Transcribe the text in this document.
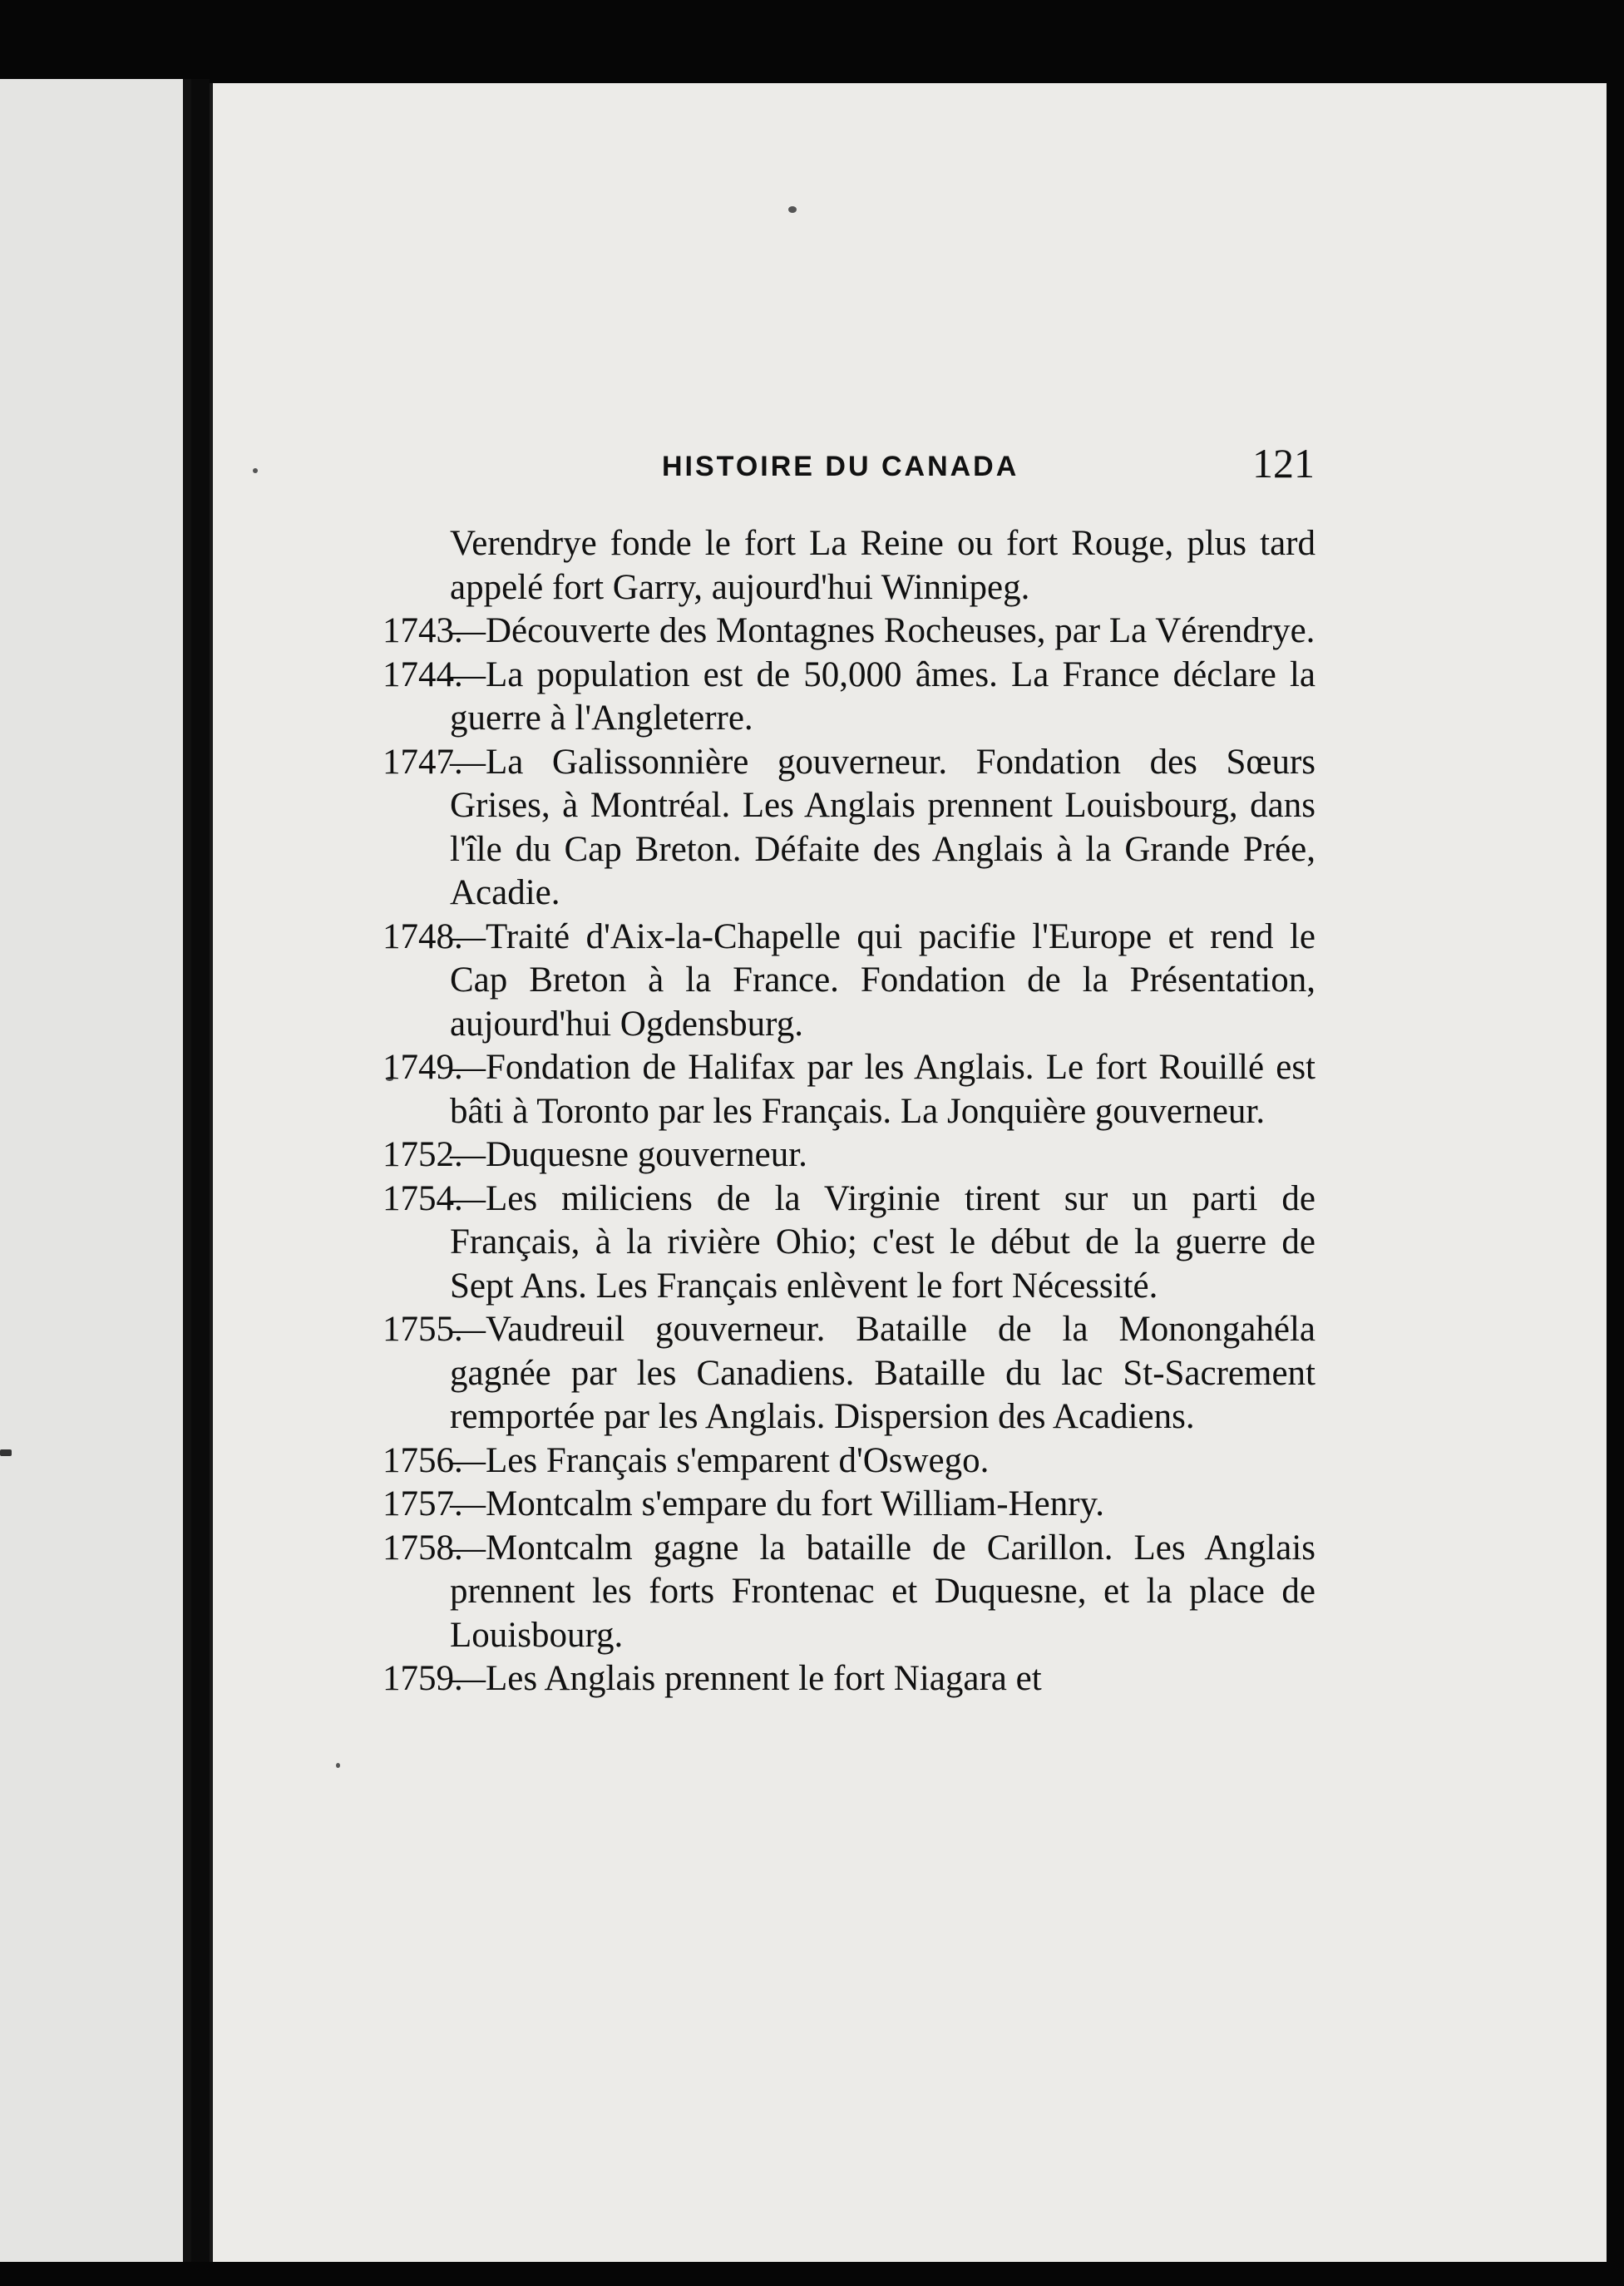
HISTOIRE DU CANADA	121
Verendrye fonde le fort La Reine ou fort Rouge, plus tard appelé fort Garry, aujourd'hui Winnipeg.
1743.
—Découverte des Montagnes Rocheuses, par La Vérendrye.
1744.
—La population est de 50,000 âmes. La France déclare la guerre à l'Angleterre.
1747.
—La Galissonnière gouverneur. Fondation des Sœurs Grises, à Montréal. Les Anglais prennent Louisbourg, dans l'île du Cap Breton. Défaite des Anglais à la Grande Prée, Acadie.
1748.
—Traité d'Aix-la-Chapelle qui pacifie l'Europe et rend le Cap Breton à la France. Fondation de la Présentation, aujourd'hui Ogdensburg.
1749.
—Fondation de Halifax par les Anglais. Le fort Rouillé est bâti à Toronto par les Français. La Jonquière gouverneur.
1752.
—Duquesne gouverneur.
1754.
—Les miliciens de la Virginie tirent sur un parti de Français, à la rivière Ohio; c'est le début de la guerre de Sept Ans. Les Français enlèvent le fort Nécessité.
1755.
—Vaudreuil gouverneur. Bataille de la Monongahéla gagnée par les Canadiens. Bataille du lac St-Sacrement remportée par les Anglais. Dispersion des Acadiens.
1756.
—Les Français s'emparent d'Oswego.
1757.
—Montcalm s'empare du fort William-Henry.
1758.
—Montcalm gagne la bataille de Carillon. Les Anglais prennent les forts Frontenac et Duquesne, et la place de Louisbourg.
1759.
—Les Anglais prennent le fort Niagara et
